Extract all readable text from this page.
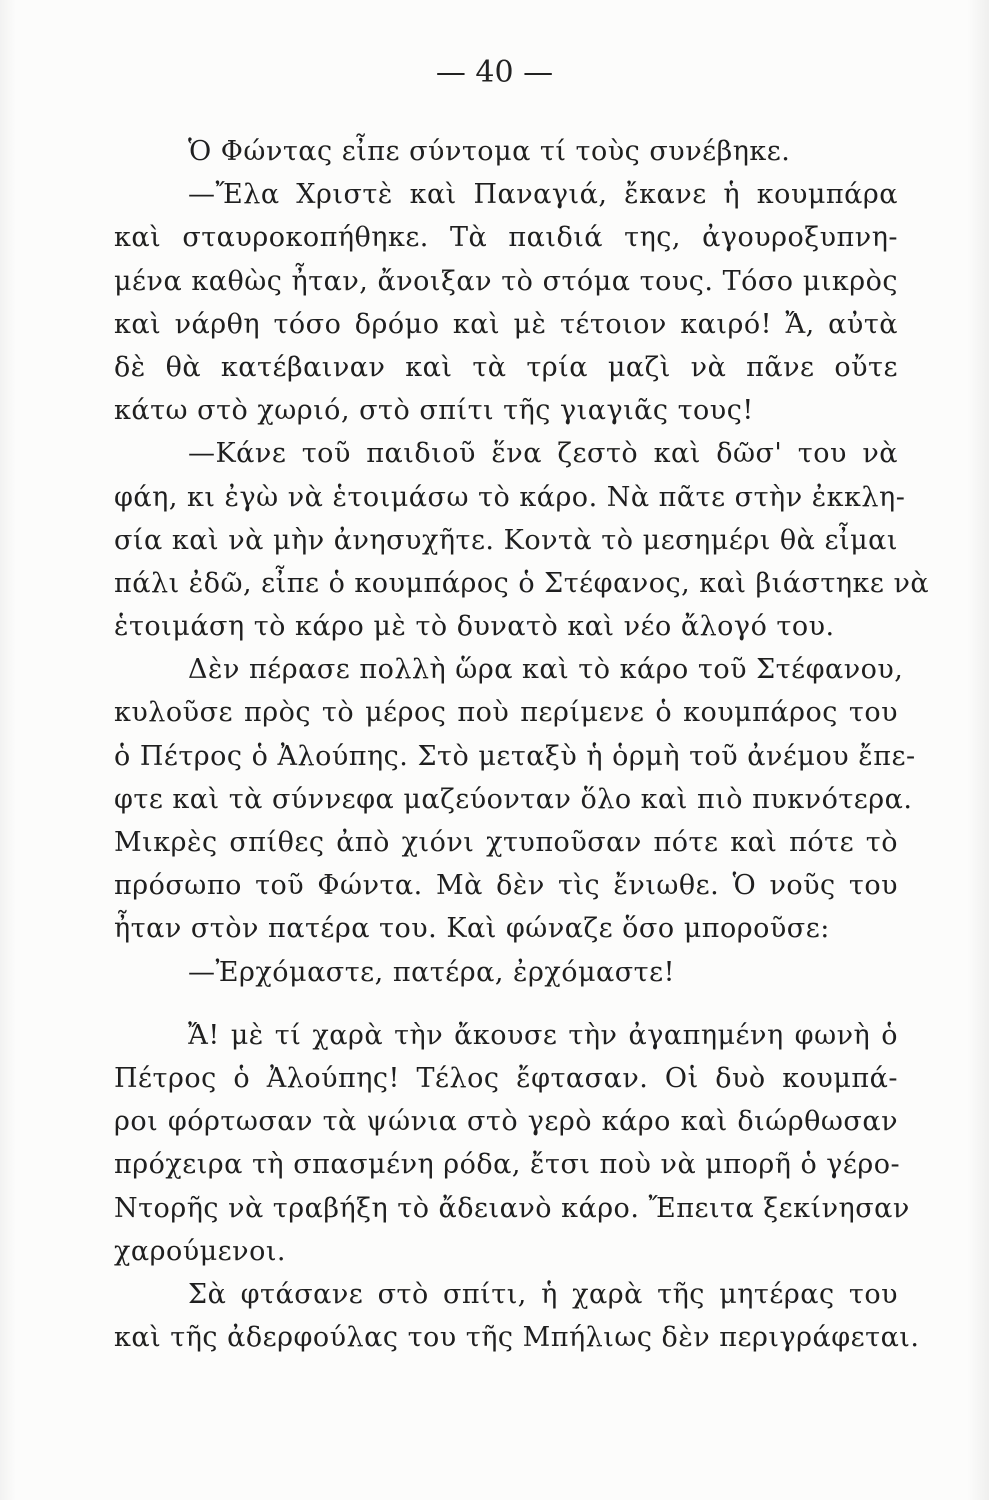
— 40 —
Ὁ Φώντας εἶπε σύντομα τί τοὺς συνέβηκε.
—Ἔλα Χριστὲ καὶ Παναγιά, ἔκανε ἡ κουμπάρα
καὶ σταυροκοπήθηκε. Τὰ παιδιά της, ἀγουροξυπνη-
μένα καθὼς ἦταν, ἄνοιξαν τὸ στόμα τους. Τόσο μικρὸς
καὶ νάρθη τόσο δρόμο καὶ μὲ τέτοιον καιρό! Ἄ, αὐτὰ
δὲ θὰ κατέβαιναν καὶ τὰ τρία μαζὶ νὰ πᾶνε οὔτε
κάτω στὸ χωριό, στὸ σπίτι τῆς γιαγιᾶς τους!
—Κάνε τοῦ παιδιοῦ ἕνα ζεστὸ καὶ δῶσ' του νὰ
φάη, κι ἐγὼ νὰ ἑτοιμάσω τὸ κάρο. Νὰ πᾶτε στὴν ἐκκλη-
σία καὶ νὰ μὴν ἀνησυχῆτε. Κοντὰ τὸ μεσημέρι θὰ εἶμαι
πάλι ἐδῶ, εἶπε ὁ κουμπάρος ὁ Στέφανος, καὶ βιάστηκε νὰ
ἑτοιμάση τὸ κάρο μὲ τὸ δυνατὸ καὶ νέο ἄλογό του.
Δὲν πέρασε πολλὴ ὥρα καὶ τὸ κάρο τοῦ Στέφανου,
κυλοῦσε πρὸς τὸ μέρος ποὺ περίμενε ὁ κουμπάρος του
ὁ Πέτρος ὁ Ἀλούπης. Στὸ μεταξὺ ἡ ὁρμὴ τοῦ ἀνέμου ἔπε-
φτε καὶ τὰ σύννεφα μαζεύονταν ὅλο καὶ πιὸ πυκνότερα.
Μικρὲς σπίθες ἀπὸ χιόνι χτυποῦσαν πότε καὶ πότε τὸ
πρόσωπο τοῦ Φώντα. Μὰ δὲν τὶς ἔνιωθε. Ὁ νοῦς του
ἦταν στὸν πατέρα του. Καὶ φώναζε ὅσο μποροῦσε:
—Ἐρχόμαστε, πατέρα, ἐρχόμαστε!
Ἄ! μὲ τί χαρὰ τὴν ἄκουσε τὴν ἀγαπημένη φωνὴ ὁ
Πέτρος ὁ Ἀλούπης! Τέλος ἔφτασαν. Οἱ δυὸ κουμπά-
ροι φόρτωσαν τὰ ψώνια στὸ γερὸ κάρο καὶ διώρθωσαν
πρόχειρα τὴ σπασμένη ρόδα, ἔτσι ποὺ νὰ μπορῆ ὁ γέρο-
Ντορῆς νὰ τραβήξη τὸ ἄδειανὸ κάρο. Ἔπειτα ξεκίνησαν
χαρούμενοι.
Σὰ φτάσανε στὸ σπίτι, ἡ χαρὰ τῆς μητέρας του
καὶ τῆς ἀδερφούλας του τῆς Μπήλιως δὲν περιγράφεται.
